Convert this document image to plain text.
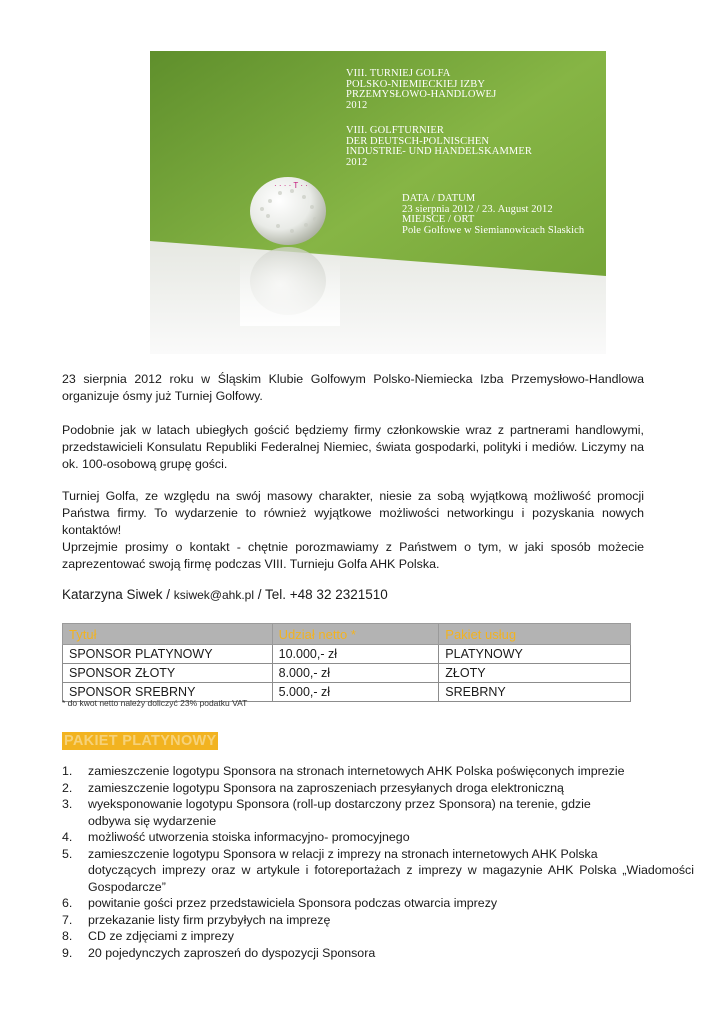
· · · · T · ·
VIII. TURNIEJ GOLFA
POLSKO-NIEMIECKIEJ IZBY
PRZEMYSŁOWO-HANDLOWEJ
2012
VIII. GOLFTURNIER
DER DEUTSCH-POLNISCHEN
INDUSTRIE- UND HANDELSKAMMER
2012
DATA / DATUM
23 sierpnia 2012 / 23. August 2012
MIEJSCE / ORT
Pole Golfowe w Siemianowicach Slaskich
23 sierpnia 2012 roku w Śląskim Klubie Golfowym Polsko-Niemiecka Izba Przemysłowo-Handlowa
organizuje ósmy już Turniej Golfowy.
Podobnie jak w latach ubiegłych gościć będziemy firmy członkowskie wraz z partnerami handlowymi,
przedstawicieli Konsulatu Republiki Federalnej Niemiec, świata gospodarki, polityki i mediów. Liczymy na
ok. 100-osobową grupę gości.
Turniej Golfa, ze względu na swój masowy charakter, niesie za sobą wyjątkową możliwość promocji
Państwa firmy. To wydarzenie to również wyjątkowe możliwości networkingu i pozyskania nowych
kontaktów!
Uprzejmie prosimy o kontakt - chętnie porozmawiamy z Państwem o tym, w jaki sposób możecie
zaprezentować swoją firmę podczas VIII. Turnieju Golfa AHK Polska.
Katarzyna Siwek / ksiwek@ahk.pl / Tel. +48 32 2321510
Tytuł	Udział netto *	Pakiet usług
SPONSOR PLATYNOWY	10.000,- zł	PLATYNOWY
SPONSOR ZŁOTY	8.000,- zł	ZŁOTY
SPONSOR SREBRNY	5.000,- zł	SREBRNY
* do kwot netto należy doliczyć 23% podatku VAT
PAKIET PLATYNOWY
1.	zamieszczenie logotypu Sponsora na stronach internetowych AHK Polska poświęconych imprezie
2.	zamieszczenie logotypu Sponsora na zaproszeniach przesyłanych droga elektroniczną
3.	wyeksponowanie logotypu Sponsora (roll-up dostarczony przez Sponsora) na terenie, gdzie
odbywa się wydarzenie
4.	możliwość utworzenia stoiska informacyjno- promocyjnego
5.	zamieszczenie logotypu Sponsora w relacji z imprezy na stronach internetowych AHK Polska

dotyczących imprezy oraz w artykule i fotoreportażach z imprezy w magazynie AHK Polska „Wiadomości
Gospodarcze”
6.	powitanie gości przez przedstawiciela Sponsora podczas otwarcia imprezy
7.	przekazanie listy firm przybyłych na imprezę
8.	CD ze zdjęciami z imprezy
9.	20 pojedynczych zaproszeń do dyspozycji Sponsora
